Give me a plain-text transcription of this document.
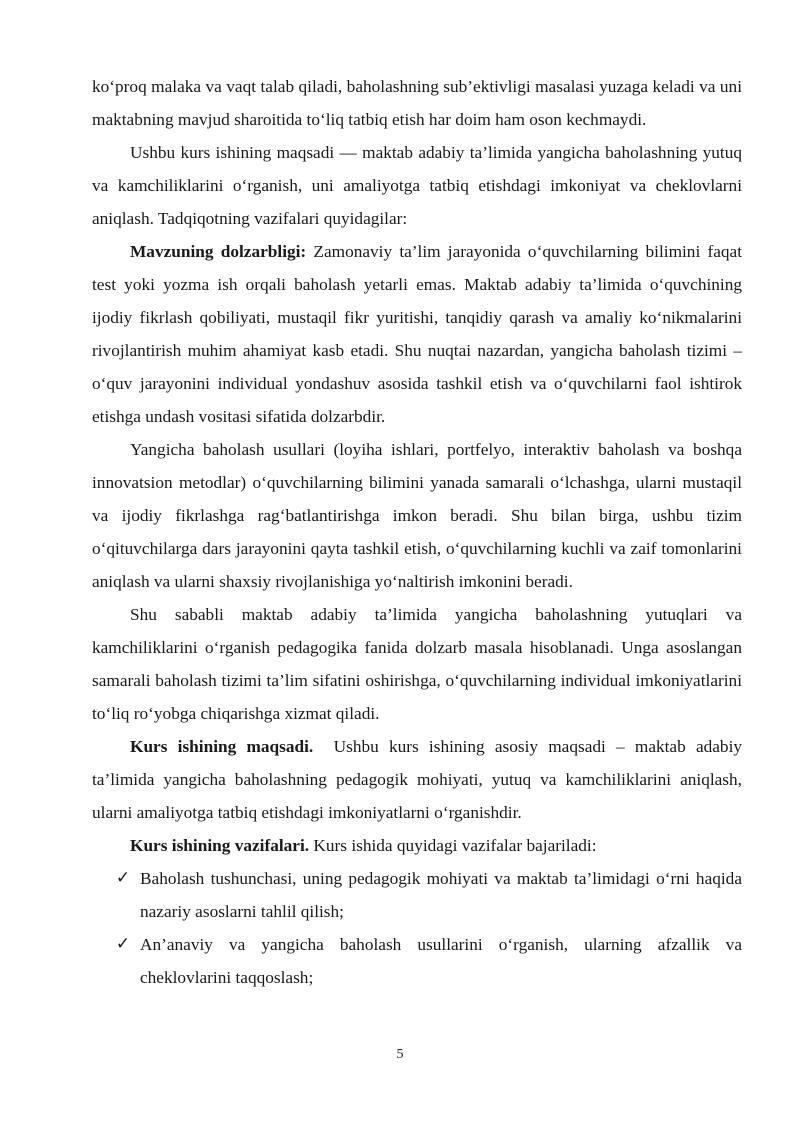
ko‘proq malaka va vaqt talab qiladi, baholashning sub’ektivligi masalasi yuzaga keladi va uni maktabning mavjud sharoitida to‘liq tatbiq etish har doim ham oson kechmaydi.

Ushbu kurs ishining maqsadi — maktab adabiy ta’limida yangicha baholashning yutuq va kamchiliklarini o‘rganish, uni amaliyotga tatbiq etishdagi imkoniyat va cheklovlarni aniqlash. Tadqiqotning vazifalari quyidagilar:

Mavzuning dolzarbligi: Zamonaviy ta’lim jarayonida o‘quvchilarning bilimini faqat test yoki yozma ish orqali baholash yetarli emas. Maktab adabiy ta’limida o‘quvchining ijodiy fikrlash qobiliyati, mustaqil fikr yuritishi, tanqidiy qarash va amaliy ko‘nikmalarini rivojlantirish muhim ahamiyat kasb etadi. Shu nuqtai nazardan, yangicha baholash tizimi – o‘quv jarayonini individual yondashuv asosida tashkil etish va o‘quvchilarni faol ishtirok etishga undash vositasi sifatida dolzarbdir.

Yangicha baholash usullari (loyiha ishlari, portfelyo, interaktiv baholash va boshqa innovatsion metodlar) o‘quvchilarning bilimini yanada samarali o‘lchashga, ularni mustaqil va ijodiy fikrlashga rag‘batlantirishga imkon beradi. Shu bilan birga, ushbu tizim o‘qituvchilarga dars jarayonini qayta tashkil etish, o‘quvchilarning kuchli va zaif tomonlarini aniqlash va ularni shaxsiy rivojlanishiga yo‘naltirish imkonini beradi.

Shu sababli maktab adabiy ta’limida yangicha baholashning yutuqlari va kamchiliklarini o‘rganish pedagogika fanida dolzarb masala hisoblanadi. Unga asoslangan samarali baholash tizimi ta’lim sifatini oshirishga, o‘quvchilarning individual imkoniyatlarini to‘liq ro‘yobga chiqarishga xizmat qiladi.

Kurs ishining maqsadi.  Ushbu kurs ishining asosiy maqsadi – maktab adabiy ta’limida yangicha baholashning pedagogik mohiyati, yutuq va kamchiliklarini aniqlash, ularni amaliyotga tatbiq etishdagi imkoniyatlarni o‘rganishdir.

Kurs ishining vazifalari. Kurs ishida quyidagi vazifalar bajariladi:

✓ Baholash tushunchasi, uning pedagogik mohiyati va maktab ta’limidagi o‘rni haqida nazariy asoslarni tahlil qilish;
✓ An’anaviy va yangicha baholash usullarini o‘rganish, ularning afzallik va cheklovlarini taqqoslash;
5
